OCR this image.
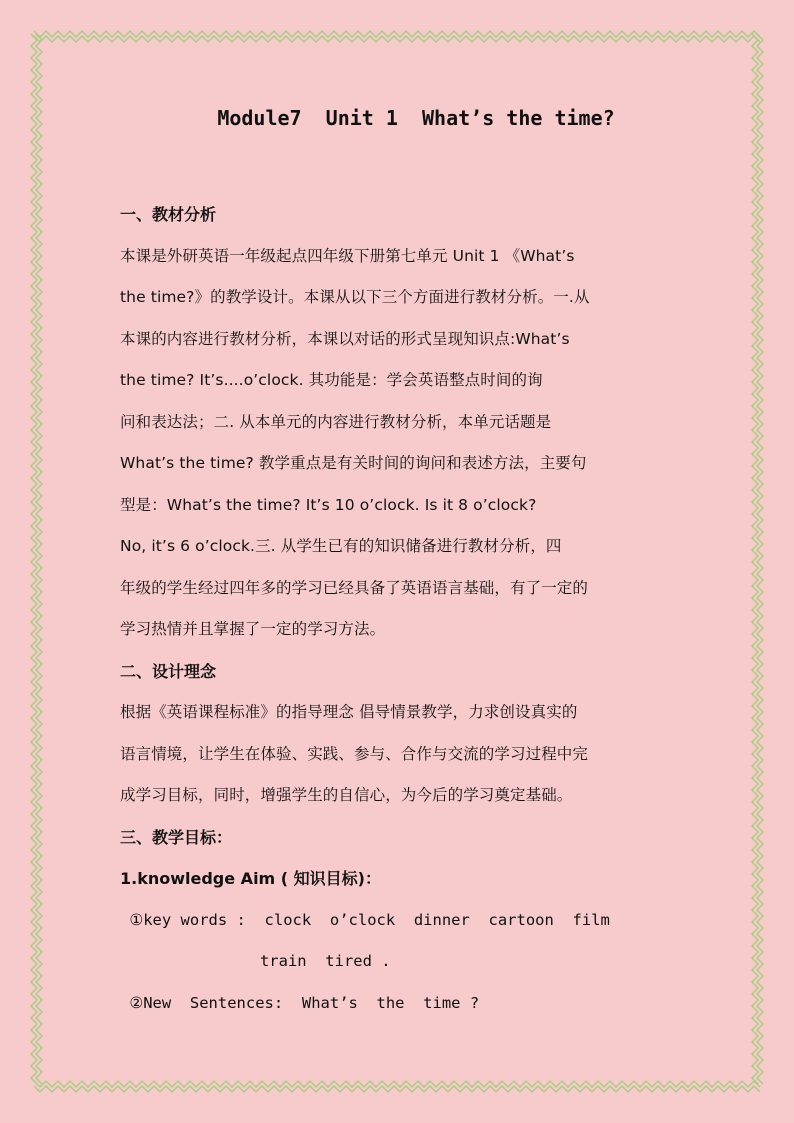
Module7  Unit 1  What’s the time?
一、教材分析
本课是外研英语一年级起点四年级下册第七单元 Unit 1 《What’s
the time?》的教学设计。本课从以下三个方面进行教材分析。一.从
本课的内容进行教材分析，本课以对话的形式呈现知识点:What’s
the time? It’s....o’clock. 其功能是：学会英语整点时间的询
问和表达法；二. 从本单元的内容进行教材分析，本单元话题是
What’s the time? 教学重点是有关时间的询问和表述方法，主要句
型是：What’s the time? It’s 10 o’clock. Is it 8 o’clock?
No, it’s 6 o’clock.三. 从学生已有的知识储备进行教材分析，四
年级的学生经过四年多的学习已经具备了英语语言基础，有了一定的
学习热情并且掌握了一定的学习方法。
二、设计理念
根据《英语课程标准》的指导理念 倡导情景教学，力求创设真实的
语言情境，让学生在体验、实践、参与、合作与交流的学习过程中完
成学习目标，同时，增强学生的自信心，为今后的学习奠定基础。
三、教学目标：
1.knowledge Aim ( 知识目标)：
①key words :  clock  o’clock  dinner  cartoon  film
train  tired .
②New  Sentences:  What’s  the  time ?
